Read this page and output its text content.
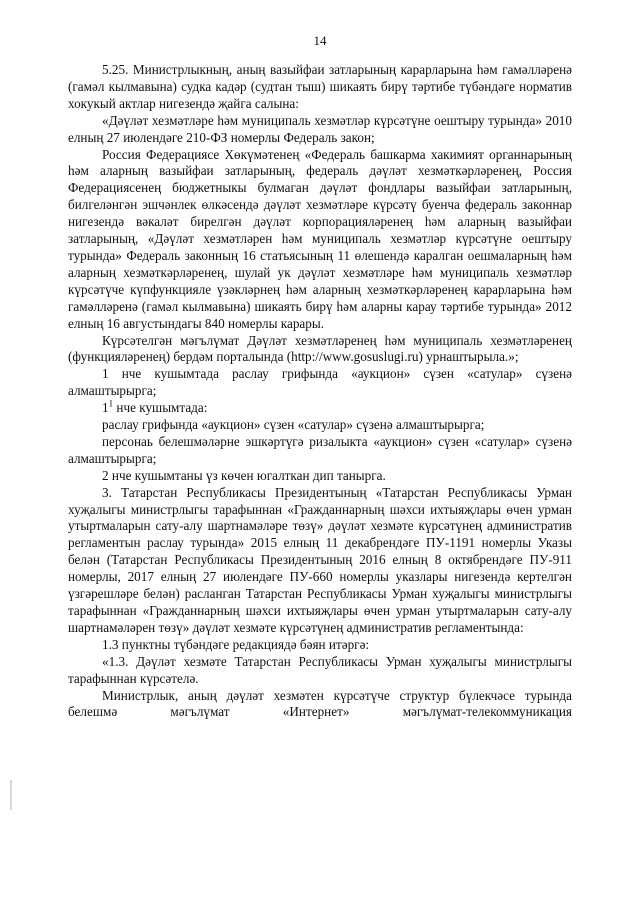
14

5.25. Министрлыкның, аның вазыйфаи затларының карарларына һәм гамәлләренә (гамәл кылмавына) судка кадәр (судтан тыш) шикаять бирү тәртибе түбәндәге норматив хокукый актлар нигезендә җайга салына:

«Дәүләт хезмәтләре һәм муниципаль хезмәтләр күрсәтүне оештыру турында» 2010 елның 27 июлендәге 210-ФЗ номерлы Федераль закон;

Россия Федерациясе Хөкүмәтенең «Федераль башкарма хакимият органнарының һәм аларның вазыйфаи затларының, федераль дәүләт хезмәткәрләренең, Россия Федерациясенең бюджетныкы булмаган дәүләт фондлары вазыйфаи затларының, билгеләнгән эшчәнлек өлкәсендә дәүләт хезмәтләре күрсәтү буенча федераль законнар нигезендә вәкаләт бирелгән дәүләт корпорацияләренең һәм аларның вазыйфаи затларының, «Дәүләт хезмәтләрен һәм муниципаль хезмәтләр күрсәтүне оештыру турында» Федераль законның 16 статьясының 11 өлешендә каралган оешмаларның һәм аларның хезмәткәрләренең, шулай ук дәүләт хезмәтләре һәм муниципаль хезмәтләр күрсәтүче күпфункцияле үзәкләрнең һәм аларның хезмәткәрләренең карарларына һәм гамәлләренә (гамәл кылмавына) шикаять бирү һәм аларны карау тәртибе турында» 2012 елның 16 августындагы 840 номерлы карары.

Күрсәтелгән мәгълүмат Дәүләт хезмәтләренең һәм муниципаль хезмәтләренең (функцияләренең) бердәм порталында (http://www.gosuslugi.ru) урнаштырыла.»;

1 нче кушымтада раслау грифында «аукцион» сүзен «сатулар» сүзенә алмаштырырга;

$1^1$ нче кушымтада:

раслау грифында «аукцион» сүзен «сатулар» сүзенә алмаштырырга;

персонаь белешмәләрне эшкәртүгә ризалыкта «аукцион» сүзен «сатулар» сүзенә алмаштырырга;

2 нче кушымтаны үз көчен югалткан дип танырга.

3. Татарстан Республикасы Президентының «Татарстан Республикасы Урман хуҗалыгы министрлыгы тарафыннан «Гражданнарның шәхси ихтыяҗлары өчен урман утыртмаларын сату-алу шартнамәләре төзү» дәүләт хезмәте күрсәтүнең административ регламентын раслау турында» 2015 елның 11 декабрендәге ПУ-1191 номерлы Указы белән (Татарстан Республикасы Президентының 2016 елның 8 октябрендәге ПУ-911 номерлы, 2017 елның 27 июлендәге ПУ-660 номерлы указлары нигезендә кертелгән үзгәрешләре белән) расланган Татарстан Республикасы Урман хуҗалыгы министрлыгы тарафыннан «Гражданнарның шәхси ихтыяҗлары өчен урман утыртмаларын сату-алу шартнамәләрен төзү» дәүләт хезмәте күрсәтүнең административ регламентында:

1.3 пунктны түбәндәге редакциядә бәян итәргә:

«1.3. Дәүләт хезмәте Татарстан Республикасы Урман хуҗалыгы министрлыгы тарафыннан күрсәтелә.

Министрлык, аның дәүләт хезмәтен күрсәтүче структур бүлекчәсе турында белешмә мәгълүмат «Интернет» мәгълүмат-телекоммуникация
